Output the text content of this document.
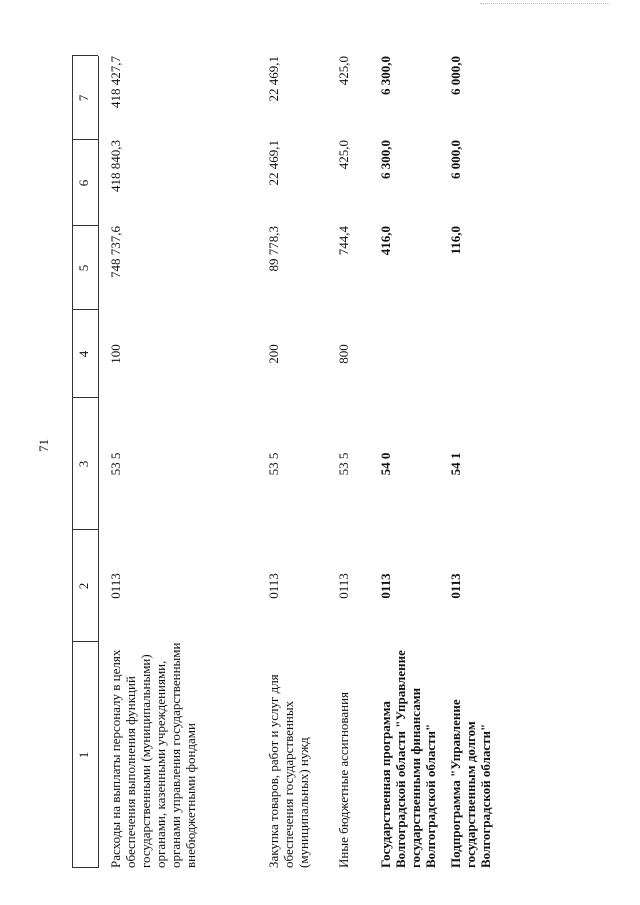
71
1
2
3
4
5
6
7
Расходы на выплаты персоналу в целях обеспечения выполнения функций государственными (муниципальными) органами, казенными учреждениями, органами управления государственными внебюджетными фондами
0113
53 5
100
748 737,6
418 840,3
418 427,7
Закупка товаров, работ и услуг для обеспечения государственных (муниципальных) нужд
0113
53 5
200
89 778,3
22 469,1
22 469,1
Иные бюджетные ассигнования
0113
53 5
800
744,4
425,0
425,0
Государственная программа Волгоградской области "Управление государственными финансами Волгоградской области"
0113
54 0
416,0
6 300,0
6 300,0
Подпрограмма "Управление государственным долгом Волгоградской области"
0113
54 1
116,0
6 000,0
6 000,0
